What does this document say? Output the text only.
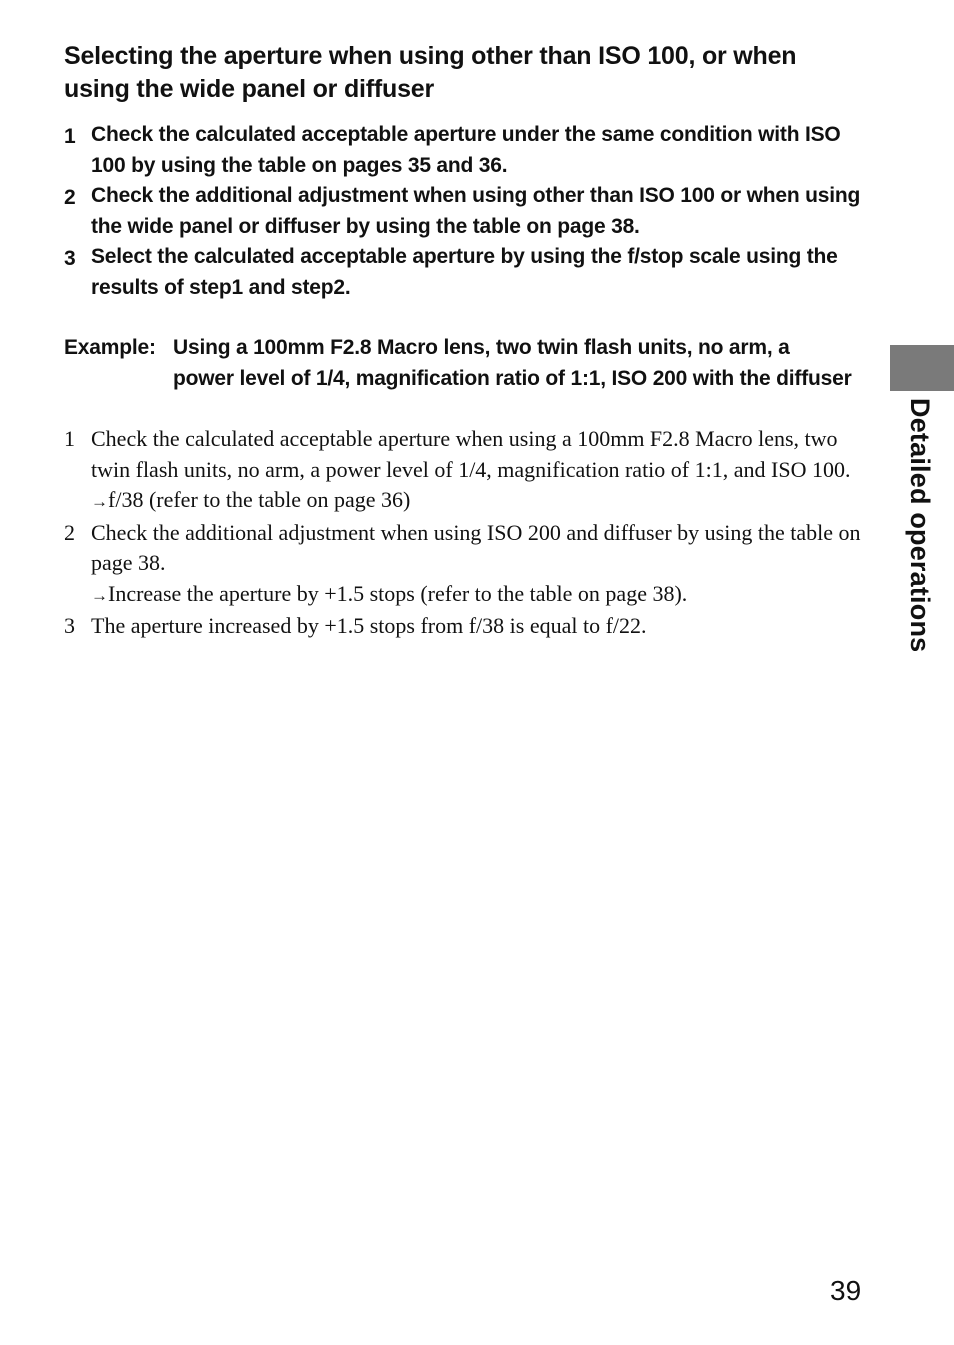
Selecting the aperture when using other than ISO 100, or when using the wide panel or diffuser
1 Check the calculated acceptable aperture under the same condition with ISO 100 by using the table on pages 35 and 36.
2 Check the additional adjustment when using other than ISO 100 or when using the wide panel or diffuser by using the table on page 38.
3 Select the calculated acceptable aperture by using the f/stop scale using the results of step1 and step2.
Example: Using a 100mm F2.8 Macro lens, two twin flash units, no arm, a power level of 1/4, magnification ratio of 1:1, ISO 200 with the diffuser
1 Check the calculated acceptable aperture when using a 100mm F2.8 Macro lens, two twin flash units, no arm, a power level of 1/4, magnification ratio of 1:1, and ISO 100.
→f/38 (refer to the table on page 36)
2 Check the additional adjustment when using ISO 200 and diffuser by using the table on page 38.
→Increase the aperture by +1.5 stops (refer to the table on page 38).
3 The aperture increased by +1.5 stops from f/38 is equal to f/22.	Detailed operations
39
